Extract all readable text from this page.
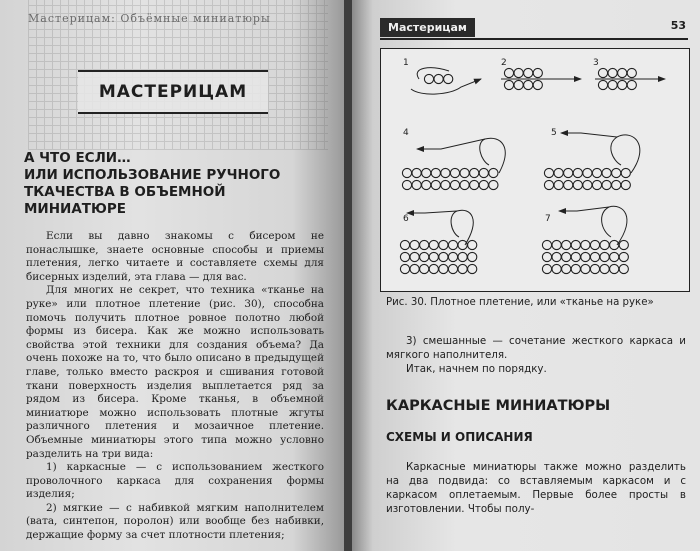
Мастерицам: Объёмные миниатюры
МАСТЕРИЦАМ
А ЧТО ЕСЛИ…
ИЛИ ИСПОЛЬЗОВАНИЕ РУЧНОГО
ТКАЧЕСТВА В ОБЪЕМНОЙ
МИНИАТЮРЕ

Если вы давно знакомы с бисером не понаслышке, знаете основные способы и приемы плетения, легко читаете и составляете схемы для бисерных изделий, эта глава — для вас.

Для многих не секрет, что техника «тканье на руке» или плотное плетение (рис. 30), способна помочь получить плотное ровное полотно любой формы из бисера. Как же можно использовать свойства этой техники для создания объема? Да очень похоже на то, что было описано в предыдущей главе, только вместо раскроя и сшивания готовой ткани поверхность изделия выплетается ряд за рядом из бисера. Кроме тканья, в объемной миниатюре можно использовать плотные жгуты различного плетения и мозаичное плетение. Объемные миниатюры этого типа можно условно разделить на три вида:

1) каркасные — с использованием жесткого проволочного каркаса для сохранения формы изделия;

2) мягкие — с набивкой мягким наполнителем (вата, синтепон, поролон) или вообще без набивки, держащие форму за счет плотности плетения;

Мастерицам	53
1	2	3
4	5
6	7
Рис. 30. Плотное плетение, или «тканье на руке»

3) смешанные — сочетание жесткого каркаса и мягкого наполнителя.

Итак, начнем по порядку.

КАРКАСНЫЕ МИНИАТЮРЫ
СХЕМЫ И ОПИСАНИЯ

Каркасные миниатюры также можно разделить на два подвида: со вставляемым каркасом и с каркасом оплетаемым. Первые более просты в изготовлении. Чтобы полу-
